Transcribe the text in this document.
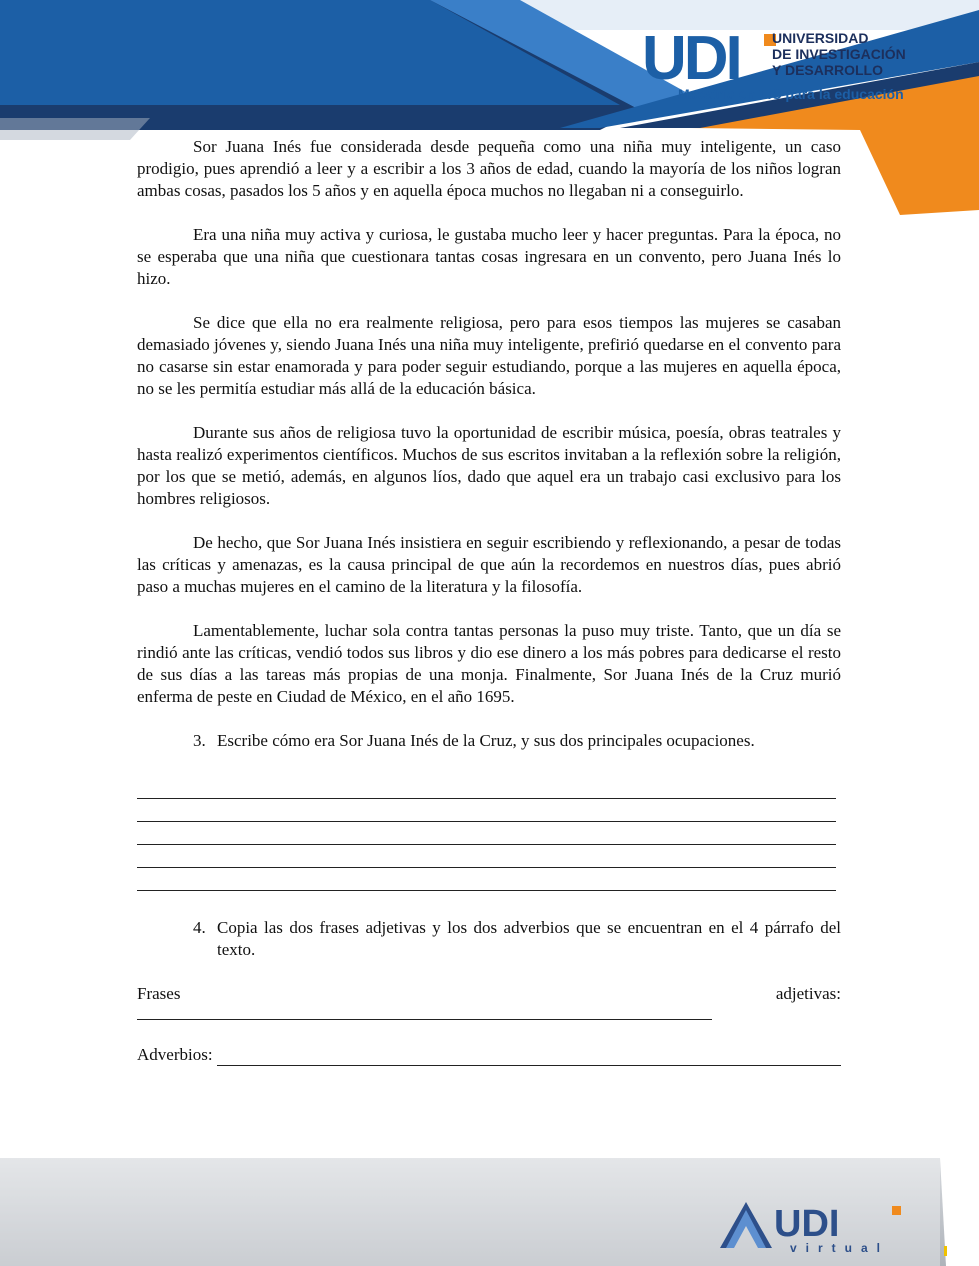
UDI UNIVERSIDAD
DE INVESTIGACIÓN
Y DESARROLLO
Maestría en TIC para la educación

Sor Juana Inés fue considerada desde pequeña como una niña muy inteligente, un caso prodigio, pues aprendió a leer y a escribir a los 3 años de edad, cuando la mayoría de los niños logran ambas cosas, pasados los 5 años y en aquella época muchos no llegaban ni a conseguirlo.

Era una niña muy activa y curiosa, le gustaba mucho leer y hacer preguntas. Para la época, no se esperaba que una niña que cuestionara tantas cosas ingresara en un convento, pero Juana Inés lo hizo.

Se dice que ella no era realmente religiosa, pero para esos tiempos las mujeres se casaban demasiado jóvenes y, siendo Juana Inés una niña muy inteligente, prefirió quedarse en el convento para no casarse sin estar enamorada y para poder seguir estudiando, porque a las mujeres en aquella época, no se les permitía estudiar más allá de la educación básica.

Durante sus años de religiosa tuvo la oportunidad de escribir música, poesía, obras teatrales y hasta realizó experimentos científicos. Muchos de sus escritos invitaban a la reflexión sobre la religión, por los que se metió, además, en algunos líos, dado que aquel era un trabajo casi exclusivo para los hombres religiosos.

De hecho, que Sor Juana Inés insistiera en seguir escribiendo y reflexionando, a pesar de todas las críticas y amenazas, es la causa principal de que aún la recordemos en nuestros días, pues abrió paso a muchas mujeres en el camino de la literatura y la filosofía.

Lamentablemente, luchar sola contra tantas personas la puso muy triste. Tanto, que un día se rindió ante las críticas, vendió todos sus libros y dio ese dinero a los más pobres para dedicarse el resto de sus días a las tareas más propias de una monja. Finalmente, Sor Juana Inés de la Cruz murió enferma de peste en Ciudad de México, en el año 1695.

3. Escribe cómo era Sor Juana Inés de la Cruz, y sus dos principales ocupaciones.
4. Copia las dos frases adjetivas y los dos adverbios que se encuentran en el 4 párrafo del texto.
Frases	adjetivas:
Adverbios:
UDI
virtual
